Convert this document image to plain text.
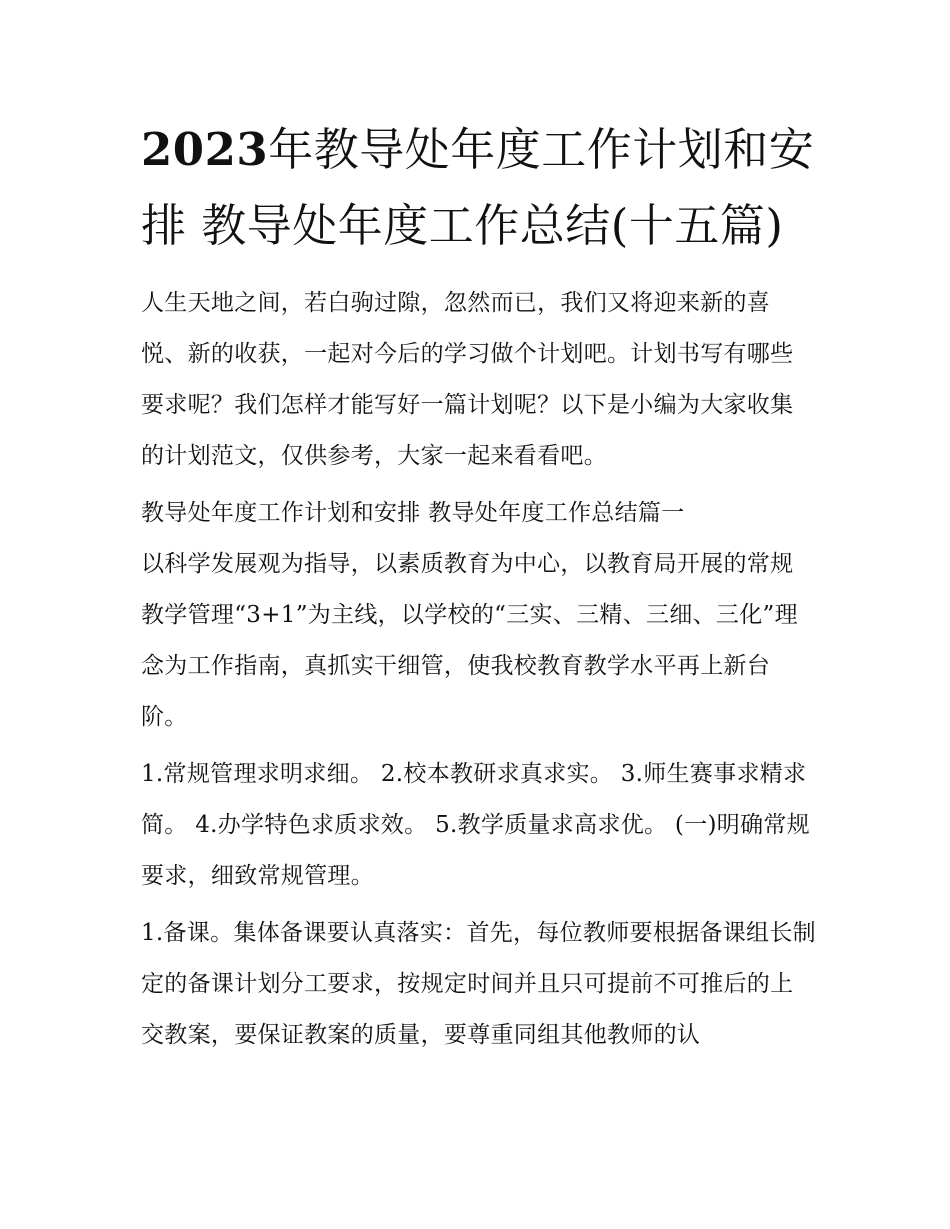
2023年教导处年度工作计划和安排 教导处年度工作总结(十五篇)

人生天地之间，若白驹过隙，忽然而已，我们又将迎来新的喜悦、新的收获，一起对今后的学习做个计划吧。计划书写有哪些要求呢？我们怎样才能写好一篇计划呢？以下是小编为大家收集的计划范文，仅供参考，大家一起来看看吧。

教导处年度工作计划和安排 教导处年度工作总结篇一

以科学发展观为指导，以素质教育为中心，以教育局开展的常规教学管理“3+1”为主线，以学校的“三实、三精、三细、三化”理念为工作指南，真抓实干细管，使我校教育教学水平再上新台阶。

1.常规管理求明求细。 2.校本教研求真求实。 3.师生赛事求精求简。 4.办学特色求质求效。 5.教学质量求高求优。 (一)明确常规要求，细致常规管理。

1.备课。集体备课要认真落实：首先，每位教师要根据备课组长制定的备课计划分工要求，按规定时间并且只可提前不可推后的上交教案，要保证教案的质量，要尊重同组其他教师的认
